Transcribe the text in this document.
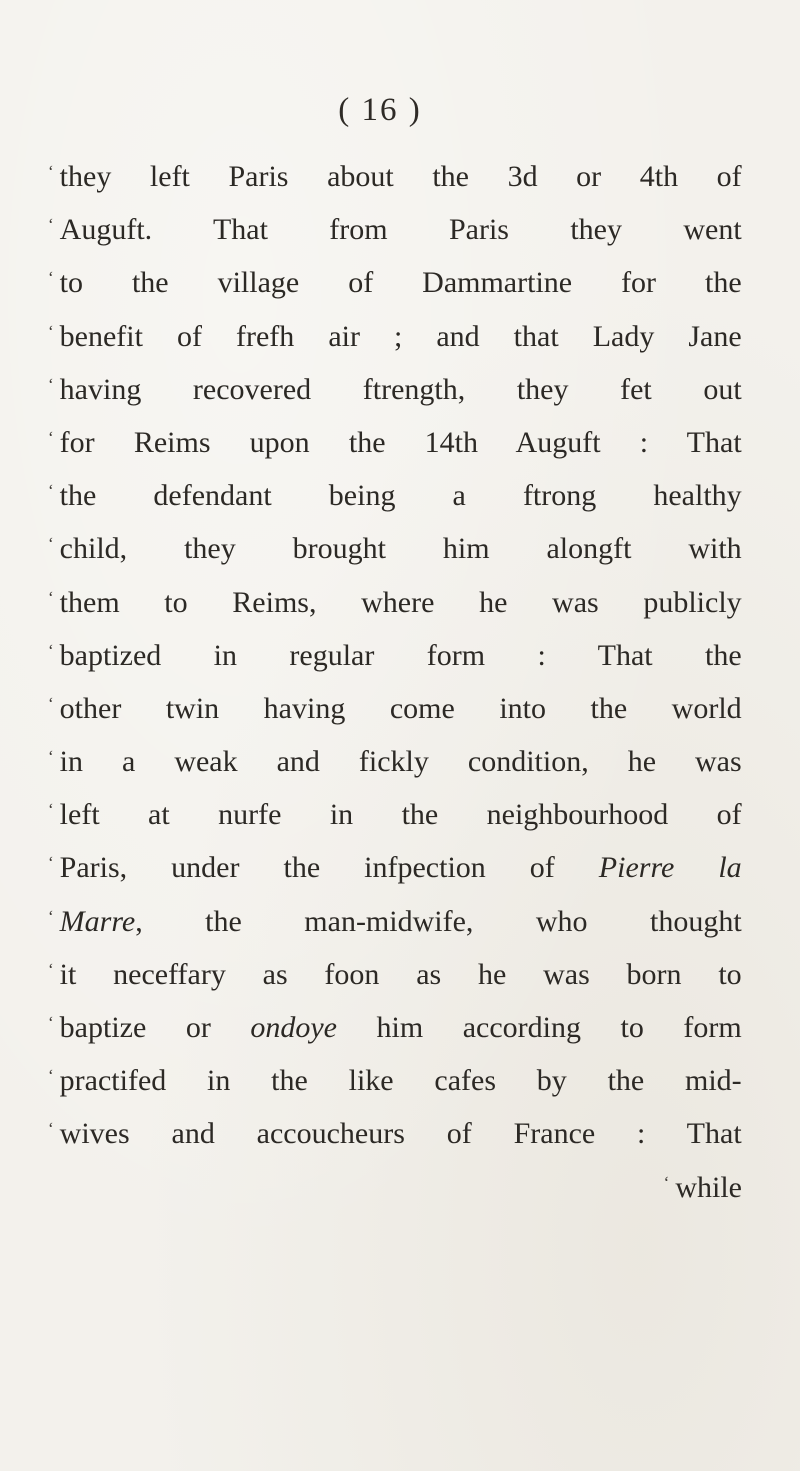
( 16 )
‘ they left Paris about the 3d or 4th of
‘ Auguft. That from Paris they went
‘ to the village of Dammartine for the
‘ benefit of frefh air ; and that Lady Jane
‘ having recovered ftrength, they fet out
‘ for Reims upon the 14th Auguft : That
‘ the defendant being a ftrong healthy
‘ child, they brought him alongft with
‘ them to Reims, where he was publicly
‘ baptized in regular form : That the
‘ other twin having come into the world
‘ in a weak and fickly condition, he was
‘ left at nurfe in the neighbourhood of
‘ Paris, under the infpection of Pierre la
‘ Marre, the man-midwife, who thought
‘ it neceffary as foon as he was born to
‘ baptize or ondoye him according to form
‘ practifed in the like cafes by the mid-
‘ wives and accoucheurs of France : That
‘ while
